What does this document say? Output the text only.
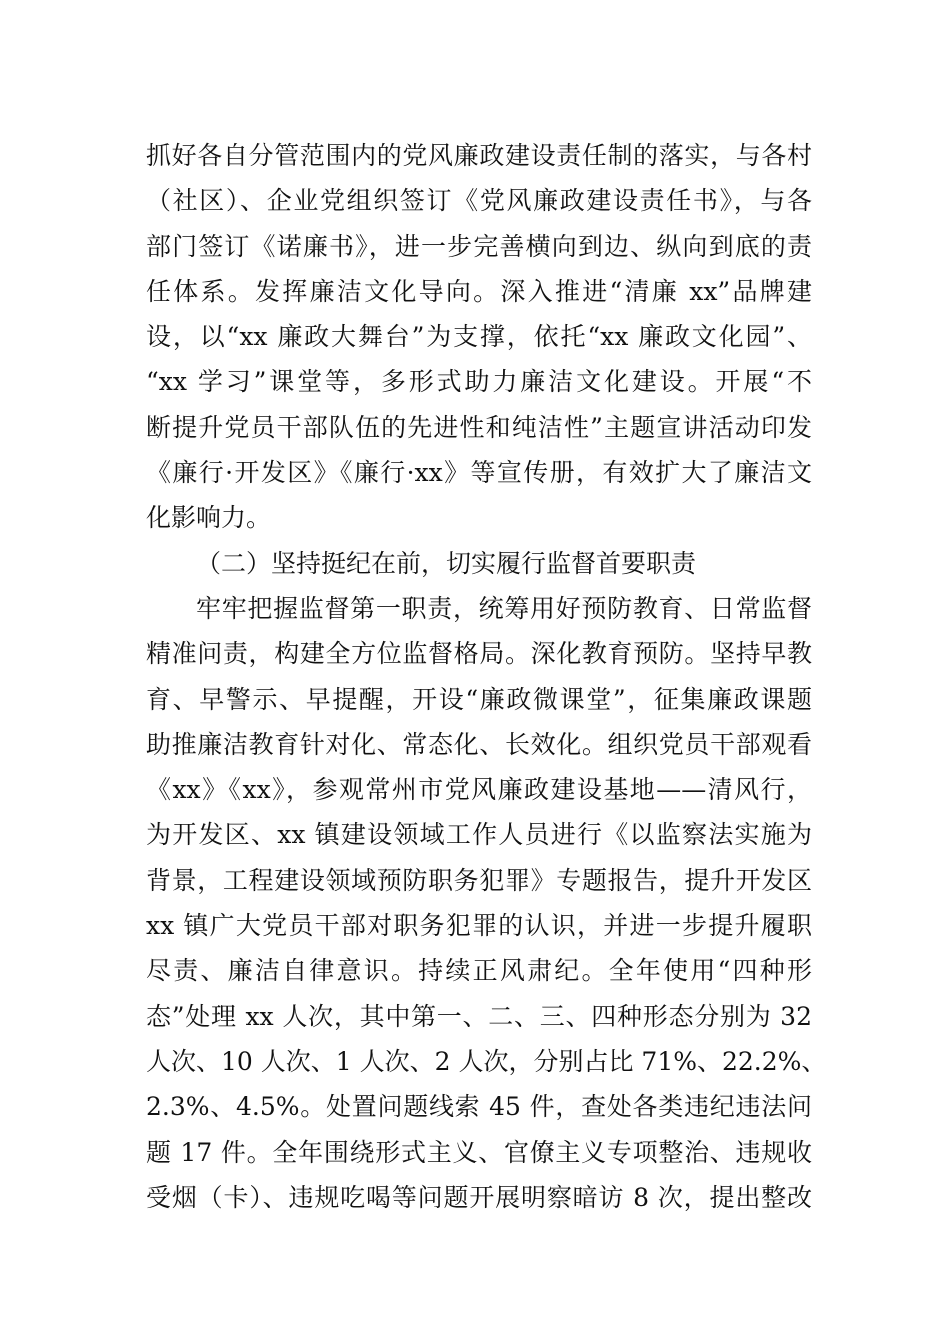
抓好各自分管范围内的党风廉政建设责任制的落实，与各村
（社区）、企业党组织签订《党风廉政建设责任书》，与各
部门签订《诺廉书》，进一步完善横向到边、纵向到底的责
任体系。发挥廉洁文化导向。深入推进“清廉 xx”品牌建
设，以“xx 廉政大舞台”为支撑，依托“xx 廉政文化园”、
“xx 学习”课堂等，多形式助力廉洁文化建设。开展“不
断提升党员干部队伍的先进性和纯洁性”主题宣讲活动印发
《廉行·开发区》《廉行·xx》等宣传册，有效扩大了廉洁文
化影响力。
（二）坚持挺纪在前，切实履行监督首要职责
牢牢把握监督第一职责，统筹用好预防教育、日常监督
精准问责，构建全方位监督格局。深化教育预防。坚持早教
育、早警示、早提醒，开设“廉政微课堂”，征集廉政课题
助推廉洁教育针对化、常态化、长效化。组织党员干部观看
《xx》《xx》，参观常州市党风廉政建设基地——清风行，
为开发区、xx 镇建设领域工作人员进行《以监察法实施为
背景，工程建设领域预防职务犯罪》专题报告，提升开发区
xx 镇广大党员干部对职务犯罪的认识，并进一步提升履职
尽责、廉洁自律意识。持续正风肃纪。全年使用“四种形
态”处理 xx 人次，其中第一、二、三、四种形态分别为 32
人次、10 人次、1 人次、2 人次，分别占比 71%、22.2%、
2.3%、4.5%。处置问题线索 45 件，查处各类违纪违法问
题 17 件。全年围绕形式主义、官僚主义专项整治、违规收
受烟（卡）、违规吃喝等问题开展明察暗访 8 次，提出整改
